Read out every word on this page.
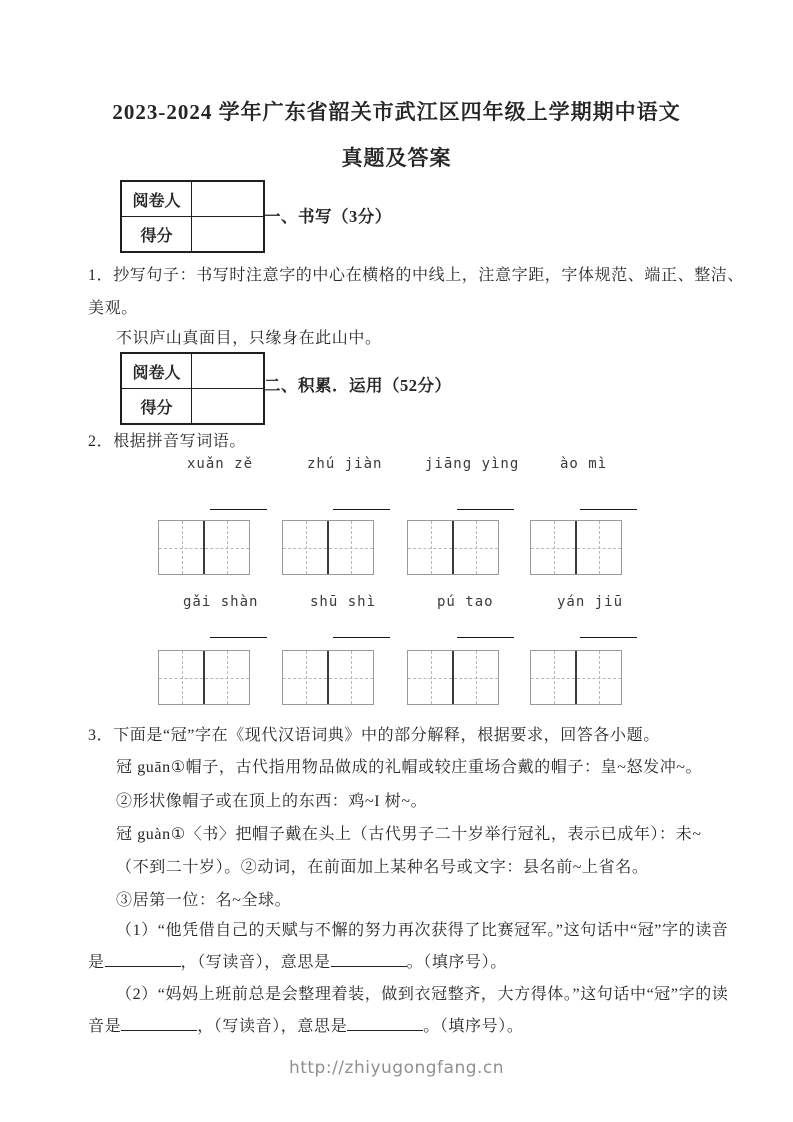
2023-2024 学年广东省韶关市武江区四年级上学期期中语文
真题及答案
阅卷人
得分
一、书写（3分）
1．抄写句子：书写时注意字的中心在横格的中线上，注意字距，字体规范、端正、整洁、
美观。
不识庐山真面目，只缘身在此山中。
阅卷人
得分
二、积累．运用（52分）
2．根据拼音写词语。
xuǎn zě	zhú jiàn	jiāng yìng	ào mì
gǎi shàn	shū shì	pú tao	yán jiū
3．下面是“冠”字在《现代汉语词典》中的部分解释，根据要求，回答各小题。
冠 guān①帽子，古代指用物品做成的礼帽或较庄重场合戴的帽子：皇~怒发冲~。
②形状像帽子或在顶上的东西：鸡~I 树~。
冠 guàn①〈书〉把帽子戴在头上（古代男子二十岁举行冠礼，表示已成年）：未~
（不到二十岁）。②动词，在前面加上某种名号或文字：县名前~上省名。
③居第一位：名~全球。
（1）“他凭借自己的天赋与不懈的努力再次获得了比赛冠军。”这句话中“冠”字的读音
是	，（写读音），意思是	。（填序号）。
（2）“妈妈上班前总是会整理着装，做到衣冠整齐，大方得体。”这句话中“冠”字的读
音是	，（写读音），意思是	。（填序号）。
http://zhiyugongfang.cn
